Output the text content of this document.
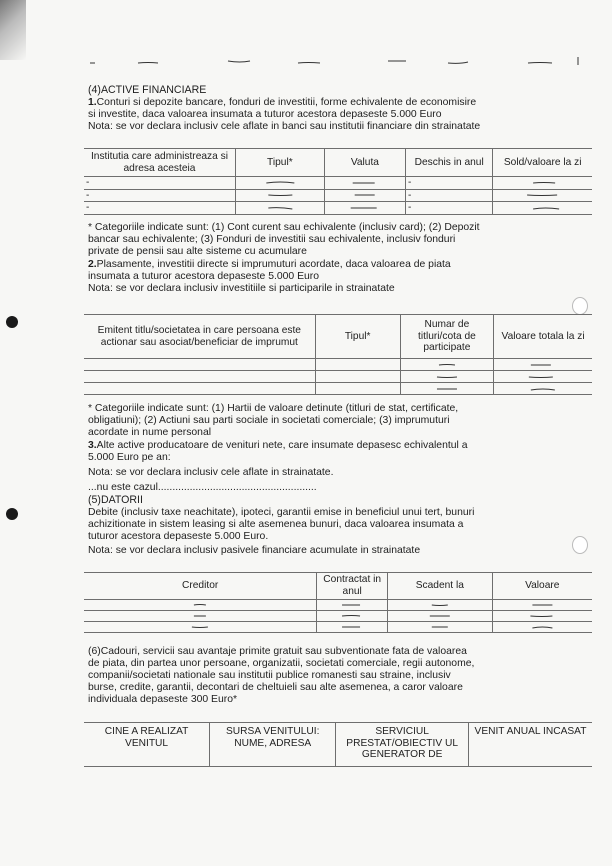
(4)ACTIVE FINANCIARE
1.Conturi si depozite bancare, fonduri de investitii, forme echivalente de economisire
si investite, daca valoarea insumata a tuturor acestora depaseste 5.000 Euro
Nota: se vor declara inclusiv cele aflate in banci sau institutii financiare din strainatate
Institutia care administreaza si adresa acesteia	Tipul*	Valuta	Deschis in anul	Sold/valoare la zi
-			-	

-			-	

-			-	
* Categoriile indicate sunt: (1) Cont curent sau echivalente (inclusiv card); (2) Depozit
bancar sau echivalente; (3) Fonduri de investitii sau echivalente, inclusiv fonduri
private de pensii sau alte sisteme cu acumulare
2.Plasamente, investitii directe si imprumuturi acordate, daca valoarea de piata
insumata a tuturor acestora depaseste 5.000 Euro
Nota: se vor declara inclusiv investitiile si participarile in strainatate
Emitent titlu/societatea in care persoana este actionar sau asociat/beneficiar de imprumut	Tipul*	Numar de titluri/cota de participate	Valoare totala la zi

* Categoriile indicate sunt: (1) Hartii de valoare detinute (titluri de stat, certificate,
obligatiuni); (2) Actiuni sau parti sociale in societati comerciale; (3) imprumuturi
acordate in nume personal
3.Alte active producatoare de venituri nete, care insumate depasesc echivalentul a
5.000 Euro pe an:
Nota: se vor declara inclusiv cele aflate in strainatate.
...nu este cazul.......................................................
(5)DATORII
Debite (inclusiv taxe neachitate), ipoteci, garantii emise in beneficiul unui tert, bunuri
achizitionate in sistem leasing si alte asemenea bunuri, daca valoarea insumata a
tuturor acestora depaseste 5.000 Euro.
Nota: se vor declara inclusiv pasivele financiare acumulate in strainatate
Creditor	Contractat in anul	Scadent la	Valoare

(6)Cadouri, servicii sau avantaje primite gratuit sau subventionate fata de valoarea
de piata, din partea unor persoane, organizatii, societati comerciale, regii autonome,
companii/societati nationale sau institutii publice romanesti sau straine, inclusiv
burse, credite, garantii, decontari de cheltuieli sau alte asemenea, a caror valoare
individuala depaseste 300 Euro*
CINE A REALIZAT VENITUL	SURSA VENITULUI: NUME, ADRESA	SERVICIUL PRESTAT/OBIECTIV UL GENERATOR DE	VENIT ANUAL INCASAT
